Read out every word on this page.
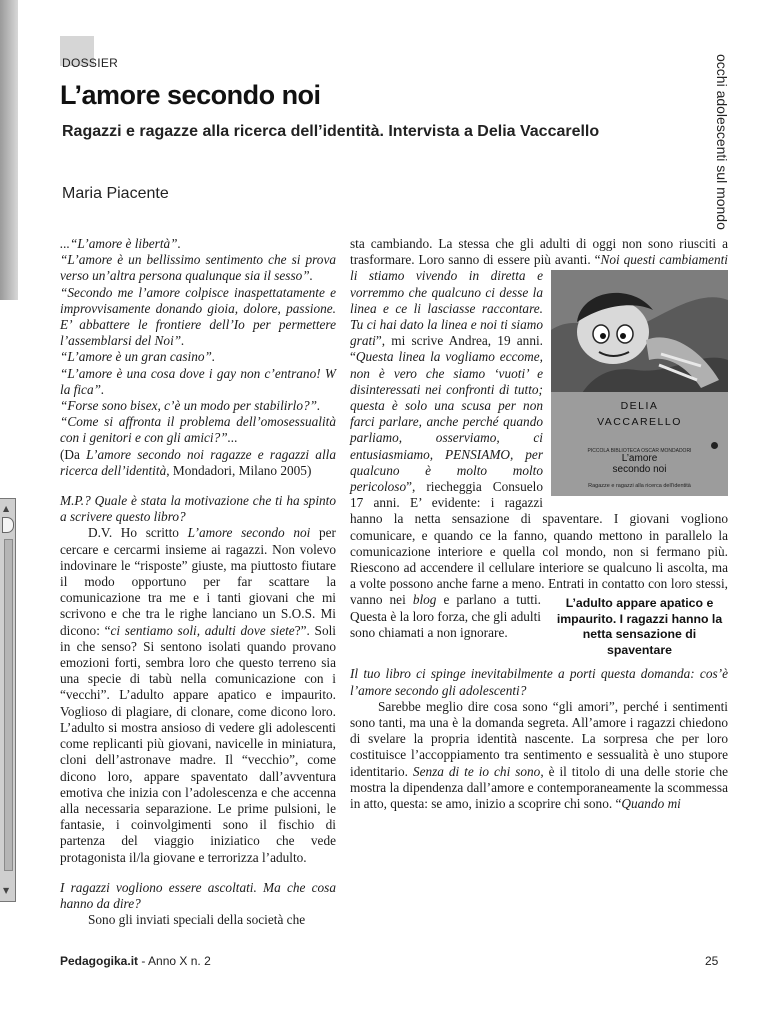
▲
▼
DOSSIER
L’amore secondo noi
Ragazzi e ragazze alla ricerca dell’identità. Intervista a Delia Vaccarello
Maria Piacente	occhi adolescenti sul mondo

...“L’amore è libertà”.

“L’amore è un bellissimo sentimento che si prova verso un’altra persona qualunque sia il sesso”.

“Secondo me l’amore colpisce inaspettatamente e improvvisamente donando gioia, dolore, passione. E’ abbattere le frontiere dell’Io per permettere l’assemblarsi del Noi”.

“L’amore è un gran casino”.

“L’amore è una cosa dove i gay non c’entrano! W la fica”.

“Forse sono bisex, c’è un modo per stabilirlo?”.

“Come si affronta il problema dell’omosessualità con i genitori e con gli amici?”...

(Da L’amore secondo noi ragazze e ragazzi alla ricerca dell’identità, Mondadori, Milano 2005)

M.P.? Quale è stata la motivazione che ti ha spinto a scrivere questo libro?

D.V. Ho scritto L’amore secondo noi per cercare e cercarmi insieme ai ragazzi. Non volevo indovinare le “risposte” giuste, ma piuttosto fiutare il modo opportuno per far scattare la comunicazione tra me e i tanti giovani che mi scrivono e che tra le righe lanciano un S.O.S. Mi dicono: “ci sentiamo soli, adulti dove siete?”. Soli in che senso? Si sentono isolati quando provano emozioni forti, sembra loro che questo terreno sia una specie di tabù nella comunicazione con i “vecchi”. L’adulto appare apatico e impaurito. Voglioso di plagiare, di clonare, come dicono loro. L’adulto si mostra ansioso di vedere gli adolescenti come replicanti più giovani, navicelle in miniatura, cloni dell’astronave madre. Il “vecchio”, come dicono loro, appare spaventato dall’avventura emotiva che inizia con l’adolescenza e che accenna alla necessaria separazione. Le prime pulsioni, le fantasie, i coinvolgimenti sono il fischio di partenza del viaggio iniziatico che vede protagonista il/la giovane e terrorizza l’adulto.

I ragazzi vogliono essere ascoltati. Ma che cosa hanno da dire?

Sono gli inviati speciali della società che

sta cambiando. La stessa che gli adulti di oggi non sono riusciti a trasformare. Loro sanno di essere più avanti. “
DELIA
VACCARELLO
PICCOLA BIBLIOTECA OSCAR MONDADORI
L’amore
secondo noi
Ragazze e ragazzi alla ricerca dell’identità
Noi questi cambiamenti li stiamo vivendo in diretta e vorremmo che qualcuno ci desse la linea e ce li lasciasse raccontare. Tu ci hai dato la linea e noi ti siamo grati”, mi scrive Andrea, 19 anni. “Questa linea la vogliamo eccome, non è vero che siamo ‘vuoti’ e disinteressati nei confronti di tutto; questa è solo una scusa per non farci parlare, anche perché quando parliamo, osserviamo, ci entusiasmiamo, PENSIAMO, per qualcuno è molto molto pericoloso”, riecheggia Consuelo 17 anni. E’ evidente: i ragazzi hanno la netta sensazione di spaventare. I giovani vogliono comunicare, e quando ce la fanno, quando mettono in parallelo la comunicazione interiore e quella col mondo, non si fermano più. Riescono ad accendere il cellulare interiore se qualcuno li ascolta, ma a volte possono anche farne a meno. Entrati in contatto con loro stessi, vanno nei	L’adulto appare apatico e impaurito. I ragazzi hanno la netta sensazione di spaventare
blog e parlano a tutti. Questa è la loro forza, che gli adulti sono chiamati a non ignorare.

Il tuo libro ci spinge inevitabilmente a porti questa domanda: cos’è l’amore secondo gli adolescenti?

Sarebbe meglio dire cosa sono “gli amori”, perché i sentimenti sono tanti, ma una è la domanda segreta. All’amore i ragazzi chiedono di svelare la propria identità nascente. La sorpresa che per loro costituisce l’accoppiamento tra sentimento e sessualità è uno stupore identitario. Senza di te io chi sono, è il titolo di una delle storie che mostra la dipendenza dall’amore e contemporaneamente la scommessa in atto, questa: se amo, inizio a scoprire chi sono. “Quando mi

Pedagogika.it - Anno X n. 2	25
